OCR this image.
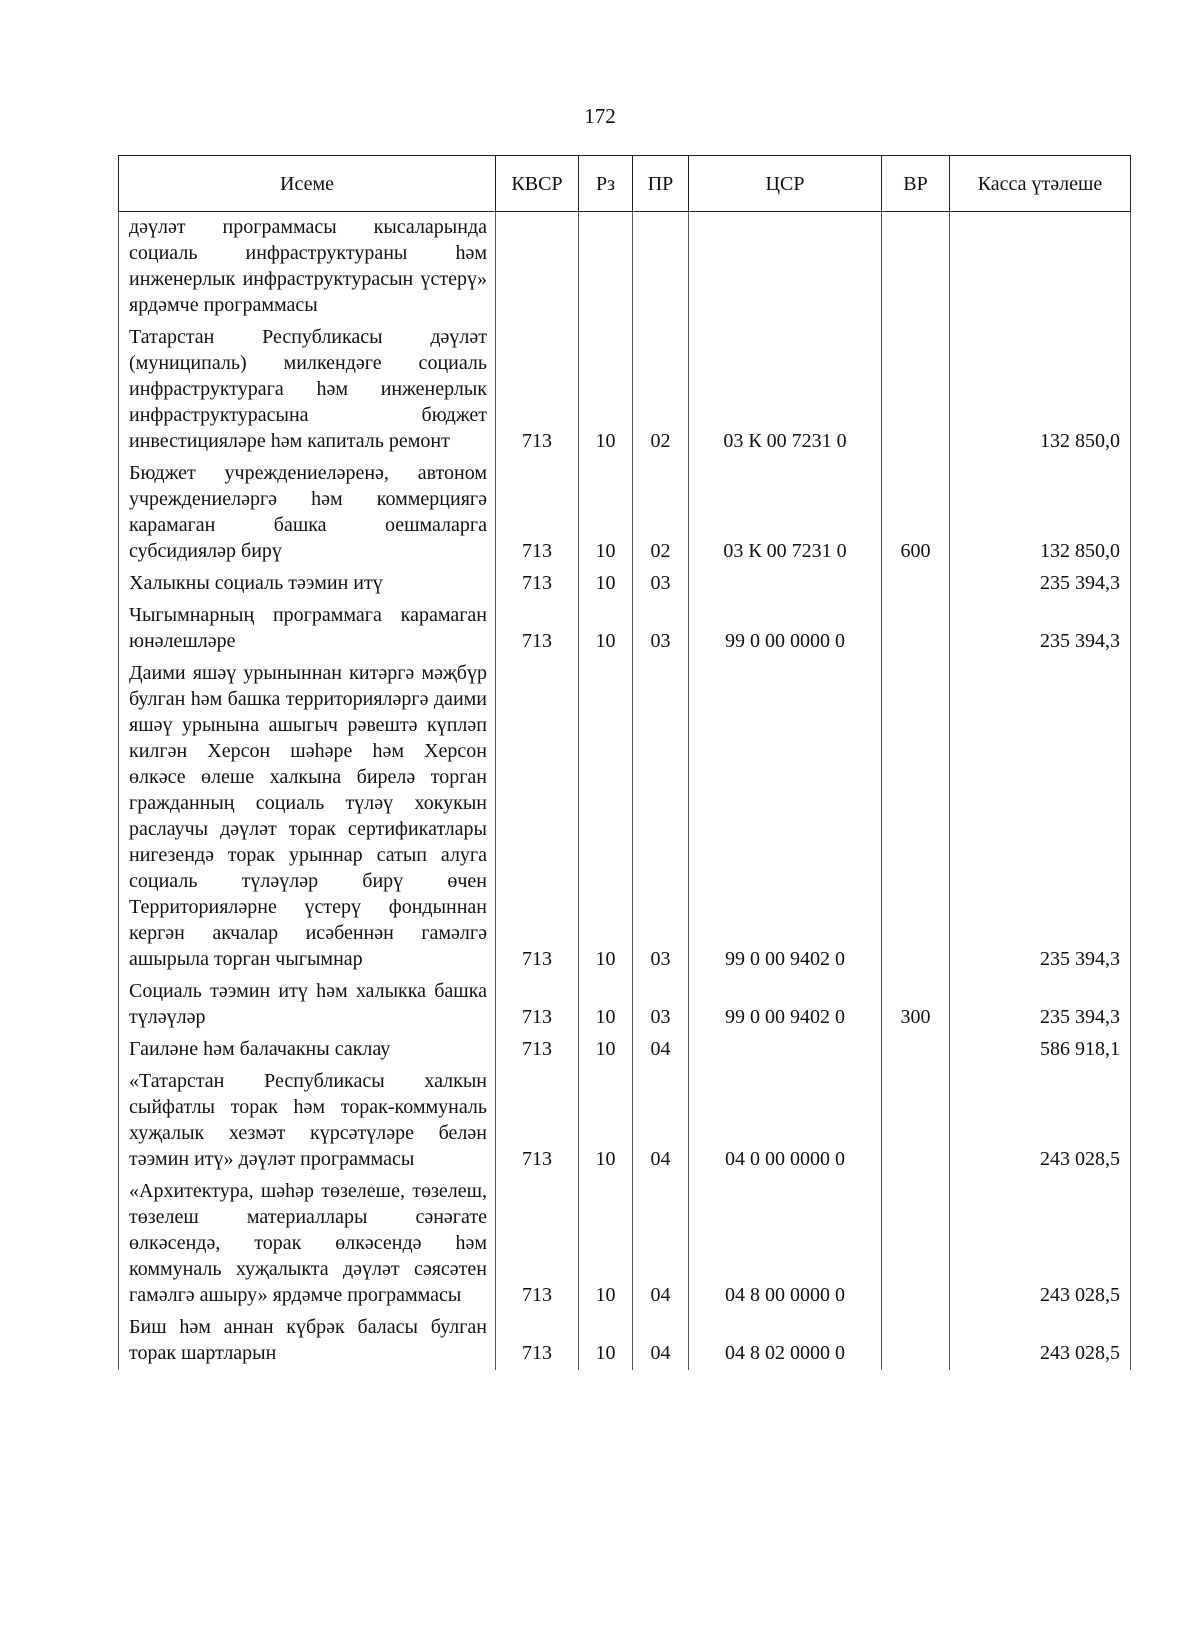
172
Исеме	КВСР	Рз	ПР	ЦСР	ВР	Касса үтәлеше
дәүләт программасы кысаларында социаль инфраструктураны һәм инженерлык инфраструктурасын үстерү» ярдәмче программасы						
Татарстан Республикасы дәүләт (муниципаль) милкендәге социаль инфраструктурага һәм инженерлык инфраструктурасына бюджет инвестицияләре һәм капиталь ремонт	713	10	02	03 К 00 7231 0		132 850,0
Бюджет учреждениеләренә, автоном учреждениеләргә һәм коммерциягә карамаган башка оешмаларга субсидияләр бирү	713	10	02	03 К 00 7231 0	600	132 850,0
Халыкны социаль тәэмин итү	713	10	03			235 394,3
Чыгымнарның программага карамаган юнәлешләре	713	10	03	99 0 00 0000 0		235 394,3
Даими яшәү урыныннан китәргә мәҗбүр булган һәм башка территорияләргә даими яшәү урынына ашыгыч рәвештә күпләп килгән Херсон шәһәре һәм Херсон өлкәсе өлеше халкына бирелә торган гражданның социаль түләү хокукын раслаучы дәүләт торак сертификатлары нигезендә торак урыннар сатып алуга социаль түләүләр бирү өчен Территорияләрне үстерү фондыннан кергән акчалар исәбеннән гамәлгә ашырыла торган чыгымнар	713	10	03	99 0 00 9402 0		235 394,3
Социаль тәэмин итү һәм халыкка башка түләүләр	713	10	03	99 0 00 9402 0	300	235 394,3
Гаиләне һәм балачакны саклау	713	10	04			586 918,1
«Татарстан Республикасы халкын сыйфатлы торак һәм торак-коммуналь хуҗалык хезмәт күрсәтүләре белән тәэмин итү» дәүләт программасы	713	10	04	04 0 00 0000 0		243 028,5
«Архитектура, шәһәр төзелеше, төзелеш, төзелеш материаллары сәнәгате өлкәсендә, торак өлкәсендә һәм коммуналь хуҗалыкта дәүләт сәясәтен гамәлгә ашыру» ярдәмче программасы	713	10	04	04 8 00 0000 0		243 028,5
Биш һәм аннан күбрәк баласы булган торак шартларын	713	10	04	04 8 02 0000 0		243 028,5
